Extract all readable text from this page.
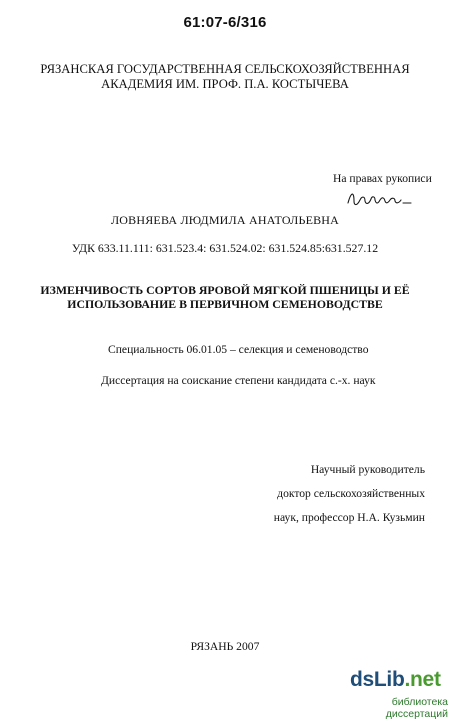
61:07-6/316
РЯЗАНСКАЯ ГОСУДАРСТВЕННАЯ СЕЛЬСКОХОЗЯЙСТВЕННАЯ
АКАДЕМИЯ ИМ. ПРОФ. П.А. КОСТЫЧЕВА
На правах рукописи
ЛОВНЯЕВА ЛЮДМИЛА АНАТОЛЬЕВНА
УДК 633.11.111: 631.523.4: 631.524.02: 631.524.85:631.527.12
ИЗМЕНЧИВОСТЬ СОРТОВ ЯРОВОЙ МЯГКОЙ ПШЕНИЦЫ И ЕЁ
ИСПОЛЬЗОВАНИЕ В ПЕРВИЧНОМ СЕМЕНОВОДСТВЕ
Специальность 06.01.05 – селекция и семеноводство
Диссертация на соискание степени кандидата с.-х. наук
Научный руководитель
доктор сельскохозяйственных
наук, профессор Н.А. Кузьмин
РЯЗАНЬ 2007
dsLib.net
библиотека диссертаций
